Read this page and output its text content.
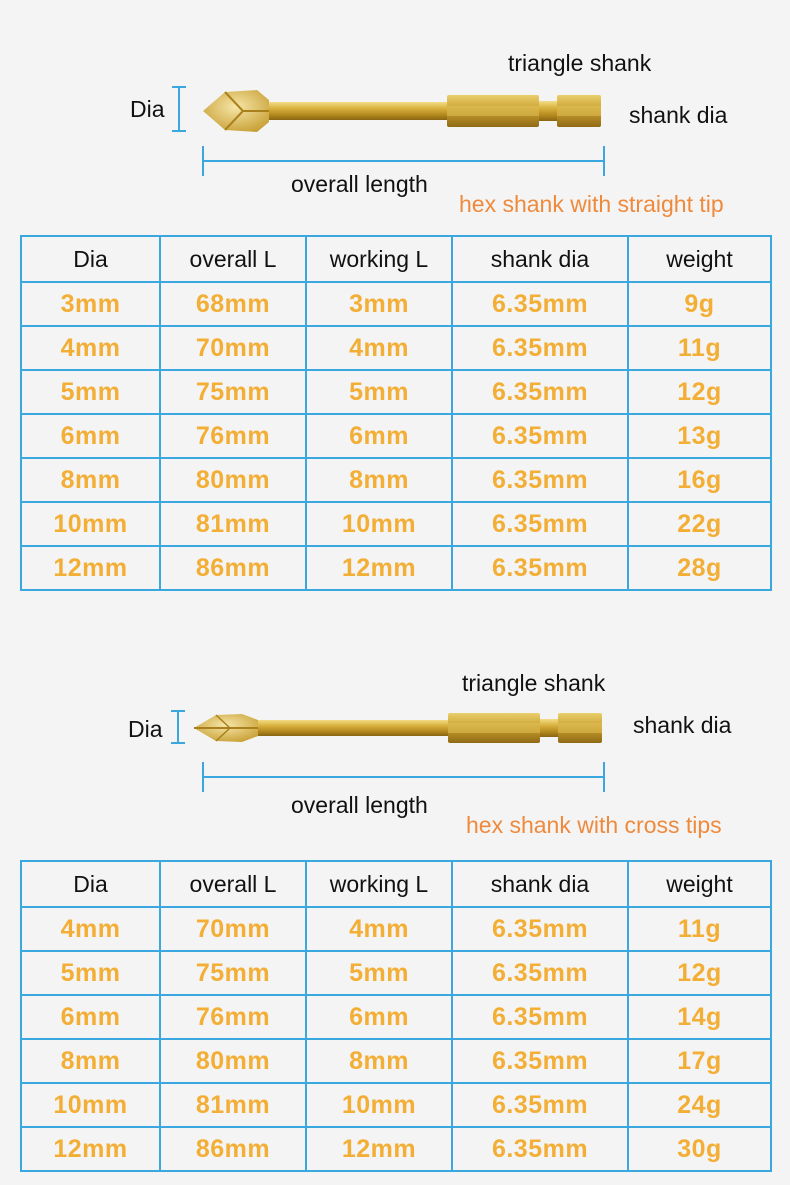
Dia
triangle shank
shank dia
overall length
hex shank with straight tip
Dia	overall L	working L	shank dia	weight
3mm	68mm	3mm	6.35mm	9g
4mm	70mm	4mm	6.35mm	11g
5mm	75mm	5mm	6.35mm	12g
6mm	76mm	6mm	6.35mm	13g
8mm	80mm	8mm	6.35mm	16g
10mm	81mm	10mm	6.35mm	22g
12mm	86mm	12mm	6.35mm	28g
Dia
triangle shank
shank dia
overall length
hex shank with cross tips
Dia	overall L	working L	shank dia	weight
4mm	70mm	4mm	6.35mm	11g
5mm	75mm	5mm	6.35mm	12g
6mm	76mm	6mm	6.35mm	14g
8mm	80mm	8mm	6.35mm	17g
10mm	81mm	10mm	6.35mm	24g
12mm	86mm	12mm	6.35mm	30g
